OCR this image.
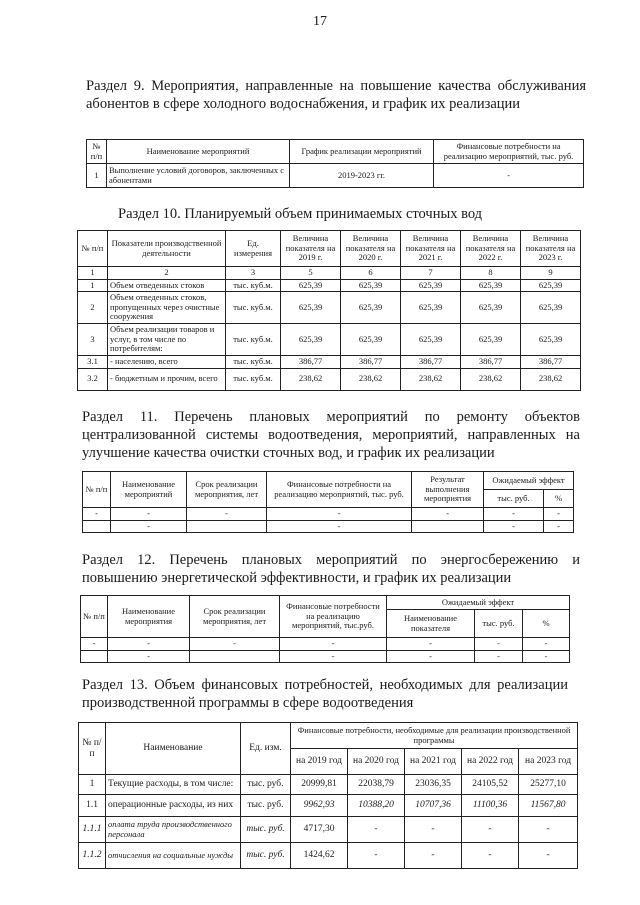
17
Раздел 9. Мероприятия, направленные на повышение качества обслуживания абонентов в сфере холодного водоснабжения, и график их реализации
№ п/п	Наименование мероприятий	График реализации мероприятий	Финансовые потребности на реализацию мероприятий, тыс. руб.
1	Выполнение условий договоров, заключенных с абонентами	2019-2023 гг.	-
Раздел 10. Планируемый объем принимаемых сточных вод
№ п/п	Показатели производственной деятельности	Ед. измерения	Величина показателя на 2019 г.	Величина показателя на 2020 г.	Величина показателя на 2021 г.	Величина показателя на 2022 г.	Величина показателя на 2023 г.
1	2	3	5	6	7	8	9
1	Объем отведенных стоков	тыс. куб.м.	625,39	625,39	625,39	625,39	625,39
2	Объем отведенных стоков, пропущенных через очистные сооружения	тыс. куб.м.	625,39	625,39	625,39	625,39	625,39
3	Объем реализации товаров и услуг, в том числе по потребителям:	тыс. куб.м.	625,39	625,39	625,39	625,39	625,39
3.1	- населению, всего	тыс. куб.м.	386,77	386,77	386,77	386,77	386,77
3.2	- бюджетным и прочим, всего	тыс. куб.м.	238,62	238,62	238,62	238,62	238,62
Раздел 11. Перечень плановых мероприятий по ремонту объектов централизованной системы водоотведения, мероприятий, направленных на улучшение качества очистки сточных вод, и график их реализации
№ п/п	Наименование мероприятий	Срок реализации мероприятия, лет	Финансовые потребности на реализацию мероприятий, тыс. руб.	Результат выполнения мероприятия	Ожидаемый эффект	
					тыс. руб.	%
-	-	-	-	-	-	-
	-		-		-	-
Раздел 12. Перечень плановых мероприятий по энергосбережению и повышению энергетической эффективности, и график их реализации
№ п/п	Наименование мероприятия	Срок реализации мероприятия, лет	Финансовые потребности на реализацию мероприятий, тыс.руб.	Ожидаемый эффект		
				Наименование показателя	тыс. руб.	%
-	-	-	-	-	-	-
	-		-	-	-	-
Раздел 13. Объем финансовых потребностей, необходимых для реализации производственной программы в сфере водоотведения
№ п/п	Наименование	Ед. изм.	Финансовые потребности, необходимые для реализации производственной программы				
			на 2019 год	на 2020 год	на 2021 год	на 2022 год	на 2023 год
1	Текущие расходы, в том числе:	тыс. руб.	20999,81	22038,79	23036,35	24105,52	25277,10
1.1	операционные расходы, из них	тыс. руб.	9962,93	10388,20	10707,36	11100,36	11567,80
1.1.1	оплата труда производственного персонала	тыс. руб.	4717,30	-	-	-	-
1.1.2	отчисления на социальные нужды	тыс. руб.	1424,62	-	-	-	-
